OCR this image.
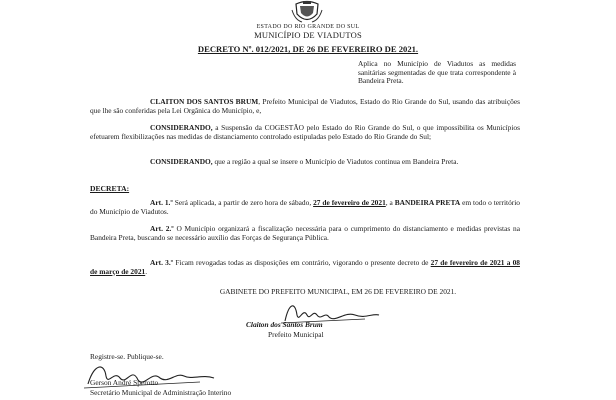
ESTADO DO RIO GRANDE DO SUL
MUNICÍPIO DE VIADUTOS
DECRETO Nº. 012/2021, DE 26 DE FEVEREIRO DE 2021.
Aplica no Município de Viadutos as medidas sanitárias segmentadas de que trata correspondente à Bandeira Preta.
CLAITON DOS SANTOS BRUM, Prefeito Municipal de Viadutos, Estado do Rio Grande do Sul, usando das atribuições que lhe são conferidas pela Lei Orgânica do Município, e,
CONSIDERANDO, a Suspensão da COGESTÃO pelo Estado do Rio Grande do Sul, o que impossibilita os Municípios efetuarem flexibilizações nas medidas de distanciamento controlado estipuladas pelo Estado do Rio Grande do Sul;
CONSIDERANDO, que a região a qual se insere o Município de Viadutos continua em Bandeira Preta.
DECRETA:
Art. 1.º Será aplicada, a partir de zero hora de sábado, 27 de fevereiro de 2021, a BANDEIRA PRETA em todo o território do Município de Viadutos.
Art. 2.º O Município organizará a fiscalização necessária para o cumprimento do distanciamento e medidas previstas na Bandeira Preta, buscando se necessário auxílio das Forças de Segurança Pública.
Art. 3.º Ficam revogadas todas as disposições em contrário, vigorando o presente decreto de 27 de fevereiro de 2021 a 08 de março de 2021.
GABINETE DO PREFEITO MUNICIPAL, EM 26 DE FEVEREIRO DE 2021.
Claiton dos Santos Brum
Prefeito Municipal
Registre-se. Publique-se.
Gerson André Sperotto
Secretário Municipal de Administração Interino
